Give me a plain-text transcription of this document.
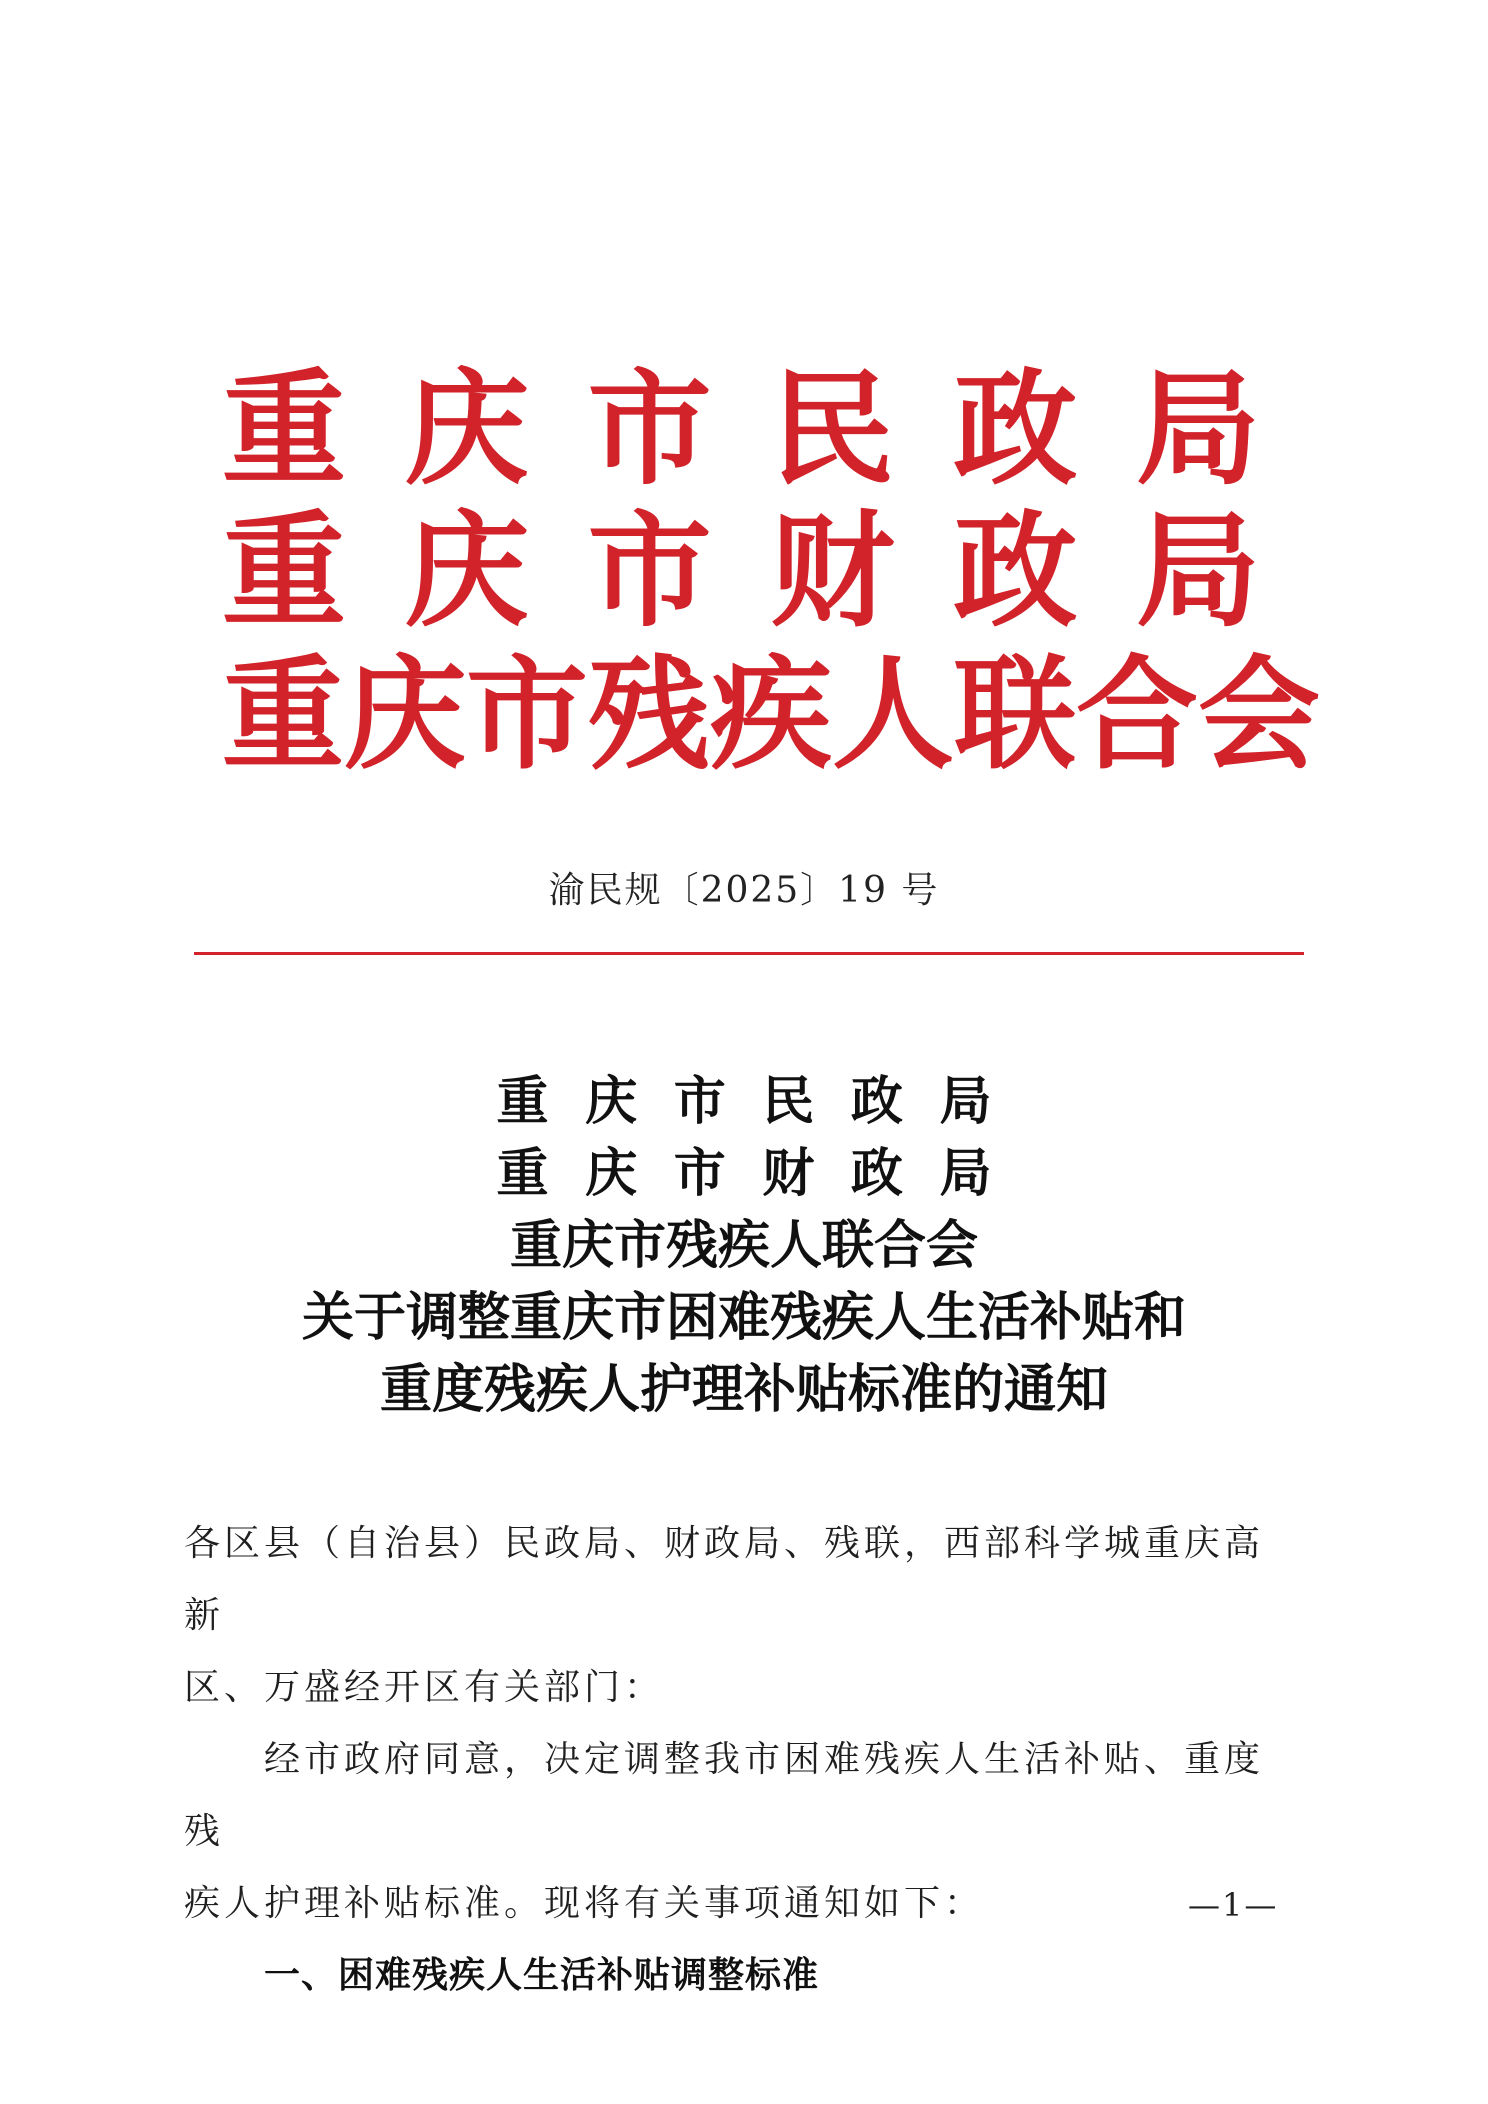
重 庆 市 民 政 局
重 庆 市 财 政 局
重 庆 市 残 疾 人 联 合 会
渝民规〔2025〕19 号
重 庆 市 民 政 局
重 庆 市 财 政 局
重庆市残疾人联合会
关于调整重庆市困难残疾人生活补贴和
重度残疾人护理补贴标准的通知

各区县（自治县）民政局、财政局、残联，西部科学城重庆高新

区、万盛经开区有关部门：

经市政府同意，决定调整我市困难残疾人生活补贴、重度残

疾人护理补贴标准。现将有关事项通知如下：

一、困难残疾人生活补贴调整标准

—1—
